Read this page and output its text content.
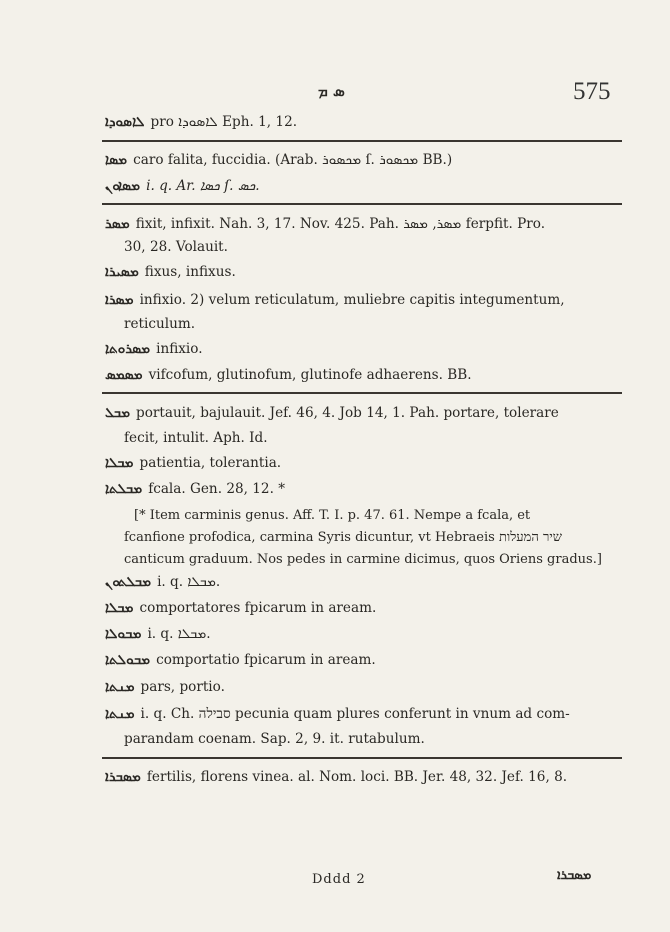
ܣ ܡ	575
ܠܐܣܘܕܐ pro ܠܐܣܘܕܐ Eph. 1, 12.
ܡܣܐ caro falita, fuccidia. (Arab. ܡܟܣܘܪ ſ. ܡܟܣܘܪ BB.)
ܡܣܐܘܢ i. q. Ar. ܟܣܐ ſ. ܟܣ.
ܡܣܪ fixit, infixit. Nah. 3, 17. Nov. 425. Pah. ܡܣܪ, ܡܣܪ ferpfit. Pro.
30, 28. Volauit.
ܡܣܝܪܐ fixus, infixus.
ܡܣܪܐ infixio. 2) velum reticulatum, muliebre capitis integumentum,
reticulum.
ܡܣܪܘܬܐ infixio.
ܡܣܡܣ vifcofum, glutinofum, glutinofe adhaerens. BB.
ܡܒܠ portauit, bajulauit. Jef. 46, 4. Job 14, 1. Pah. portare, tolerare
fecit, intulit. Aph. Id.
ܡܒܠܐ patientia, tolerantia.
ܡܒܠܬܐ fcala. Gen. 28, 12. *
[* Item carminis genus. Aff. T. I. p. 47. 61. Nempe a fcala, et
fcanfione profodica, carmina Syris dicuntur, vt Hebraeis שיר המעלות
canticum graduum. Nos pedes in carmine dicimus, quos Oriens gradus.]
ܡܒܠܬܘܢ i. q. ܡܒܠܐ.
ܡܒܠܐ comportatores fpicarum in aream.
ܡܒܘܠܐ i. q. ܡܒܠܐ.
ܡܒܘܠܬܐ comportatio fpicarum in aream.
ܡܢܬܐ pars, portio.
ܡܢܬܐ i. q. Ch. סבילה pecunia quam plures conferunt in vnum ad com-
parandam coenam. Sap. 2, 9. it. rutabulum.
ܡܣܒܪܐ fertilis, florens vinea. al. Nom. loci. BB. Jer. 48, 32. Jef. 16, 8.
Dddd 2	ܡܣܒܪܐ
